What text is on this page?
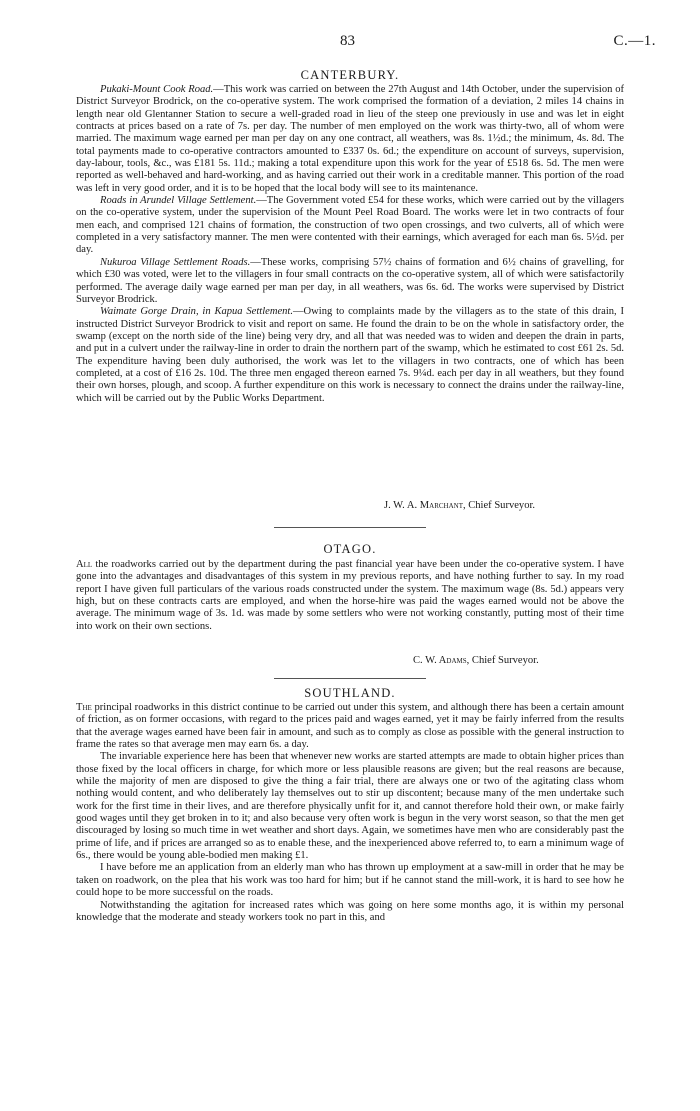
83	C.—1.
CANTERBURY.

Pukaki-Mount Cook Road.—This work was carried on between the 27th August and 14th October, under the supervision of District Surveyor Brodrick, on the co-operative system. The work comprised the formation of a deviation, 2 miles 14 chains in length near old Glentanner Station to secure a well-graded road in lieu of the steep one previously in use and was let in eight contracts at prices based on a rate of 7s. per day. The number of men employed on the work was thirty-two, all of whom were married. The maximum wage earned per man per day on any one contract, all weathers, was 8s. 1½d.; the minimum, 4s. 8d. The total payments made to co-operative contractors amounted to £337 0s. 6d.; the expenditure on account of surveys, supervision, day-labour, tools, &c., was £181 5s. 11d.; making a total expenditure upon this work for the year of £518 6s. 5d. The men were reported as well-behaved and hard-working, and as having carried out their work in a creditable manner. This portion of the road was left in very good order, and it is to be hoped that the local body will see to its maintenance.

Roads in Arundel Village Settlement.—The Government voted £54 for these works, which were carried out by the villagers on the co-operative system, under the supervision of the Mount Peel Road Board. The works were let in two contracts of four men each, and comprised 121 chains of formation, the construction of two open crossings, and two culverts, all of which were completed in a very satisfactory manner. The men were contented with their earnings, which averaged for each man 6s. 5½d. per day.

Nukuroa Village Settlement Roads.—These works, comprising 57½ chains of formation and 6½ chains of gravelling, for which £30 was voted, were let to the villagers in four small contracts on the co-operative system, all of which were satisfactorily performed. The average daily wage earned per man per day, in all weathers, was 6s. 6d. The works were supervised by District Surveyor Brodrick.

Waimate Gorge Drain, in Kapua Settlement.—Owing to complaints made by the villagers as to the state of this drain, I instructed District Surveyor Brodrick to visit and report on same. He found the drain to be on the whole in satisfactory order, the swamp (except on the north side of the line) being very dry, and all that was needed was to widen and deepen the drain in parts, and put in a culvert under the railway-line in order to drain the northern part of the swamp, which he estimated to cost £61 2s. 5d. The expenditure having been duly authorised, the work was let to the villagers in two contracts, one of which has been completed, at a cost of £16 2s. 10d. The three men engaged thereon earned 7s. 9¼d. each per day in all weathers, but they found their own horses, plough, and scoop. A further expenditure on this work is necessary to connect the drains under the railway-line, which will be carried out by the Public Works Department.

J. W. A. Marchant, Chief Surveyor.
OTAGO.

All the roadworks carried out by the department during the past financial year have been under the co-operative system. I have gone into the advantages and disadvantages of this system in my previous reports, and have nothing further to say. In my road report I have given full particulars of the various roads constructed under the system. The maximum wage (8s. 5d.) appears very high, but on these contracts carts are employed, and when the horse-hire was paid the wages earned would not be above the average. The minimum wage of 3s. 1d. was made by some settlers who were not working constantly, putting most of their time into work on their own sections.

C. W. Adams, Chief Surveyor.
SOUTHLAND.

The principal roadworks in this district continue to be carried out under this system, and although there has been a certain amount of friction, as on former occasions, with regard to the prices paid and wages earned, yet it may be fairly inferred from the results that the average wages earned have been fair in amount, and such as to comply as close as possible with the general instruction to frame the rates so that average men may earn 6s. a day.

The invariable experience here has been that whenever new works are started attempts are made to obtain higher prices than those fixed by the local officers in charge, for which more or less plausible reasons are given; but the real reasons are because, while the majority of men are disposed to give the thing a fair trial, there are always one or two of the agitating class whom nothing would content, and who deliberately lay themselves out to stir up discontent; because many of the men undertake such work for the first time in their lives, and are therefore physically unfit for it, and cannot therefore hold their own, or make fairly good wages until they get broken in to it; and also because very often work is begun in the very worst season, so that the men get discouraged by losing so much time in wet weather and short days. Again, we sometimes have men who are considerably past the prime of life, and if prices are arranged so as to enable these, and the inexperienced above referred to, to earn a minimum wage of 6s., there would be young able-bodied men making £1.

I have before me an application from an elderly man who has thrown up employment at a saw-mill in order that he may be taken on roadwork, on the plea that his work was too hard for him; but if he cannot stand the mill-work, it is hard to see how he could hope to be more successful on the roads.

Notwithstanding the agitation for increased rates which was going on here some months ago, it is within my personal knowledge that the moderate and steady workers took no part in this, and
